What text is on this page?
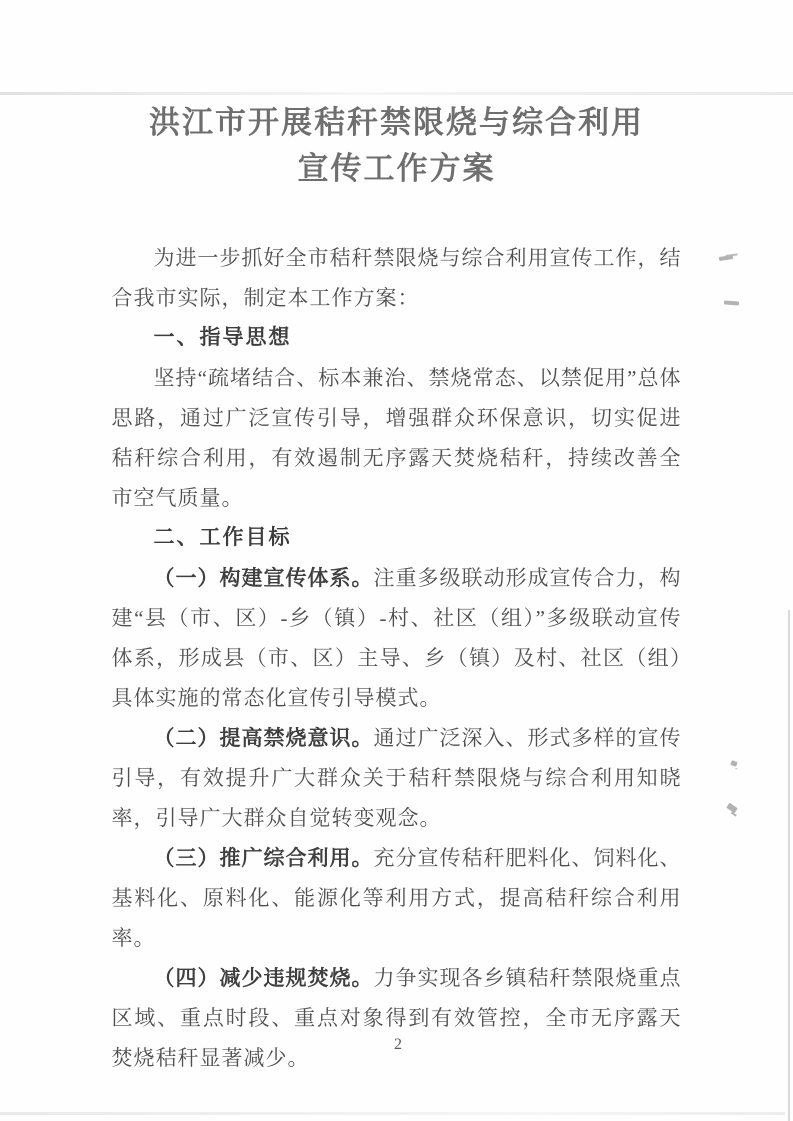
洪江市开展秸秆禁限烧与综合利用
宣传工作方案

为进一步抓好全市秸秆禁限烧与综合利用宣传工作，结合我市实际，制定本工作方案：

一、指导思想

坚持“疏堵结合、标本兼治、禁烧常态、以禁促用”总体思路，通过广泛宣传引导，增强群众环保意识，切实促进秸秆综合利用，有效遏制无序露天焚烧秸秆，持续改善全市空气质量。

二、工作目标

（一）构建宣传体系。注重多级联动形成宣传合力，构建“县（市、区）-乡（镇）-村、社区（组）”多级联动宣传体系，形成县（市、区）主导、乡（镇）及村、社区（组）具体实施的常态化宣传引导模式。

（二）提高禁烧意识。通过广泛深入、形式多样的宣传引导，有效提升广大群众关于秸秆禁限烧与综合利用知晓率，引导广大群众自觉转变观念。

（三）推广综合利用。充分宣传秸秆肥料化、饲料化、基料化、原料化、能源化等利用方式，提高秸秆综合利用率。

（四）减少违规焚烧。力争实现各乡镇秸秆禁限烧重点区域、重点时段、重点对象得到有效管控，全市无序露天焚烧秸秆显著减少。

2
